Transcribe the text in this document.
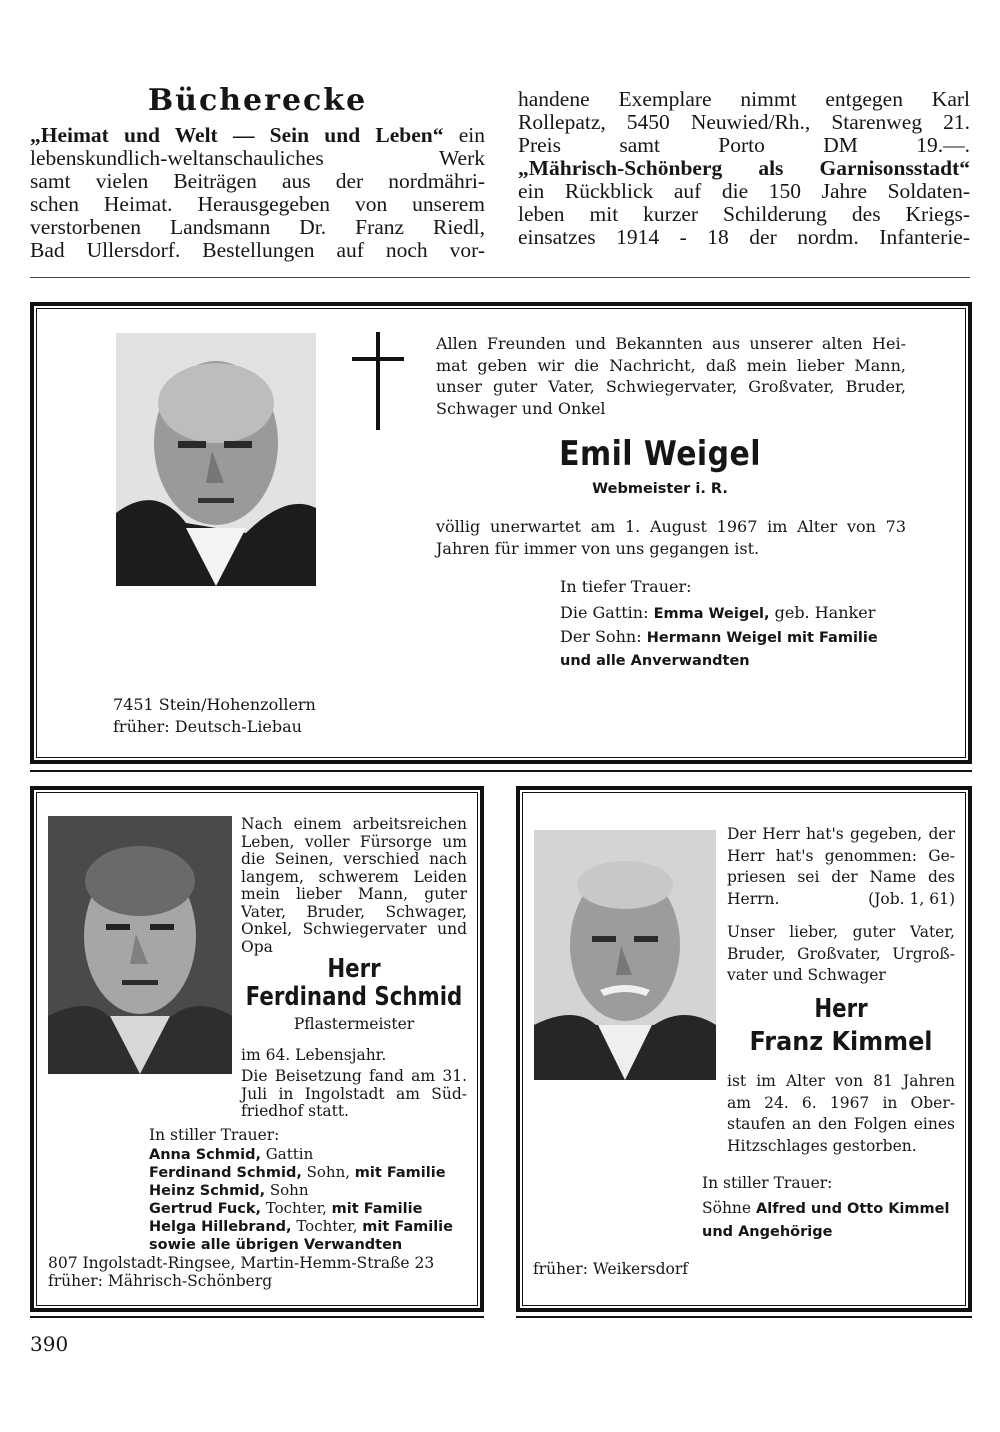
Bücherecke

„Heimat und Welt — Sein und Leben“ ein

lebenskundlich-weltanschauliches Werk

samt vielen Beiträgen aus der nordmähri-

schen Heimat. Herausgegeben von unserem

verstorbenen Landsmann Dr. Franz Riedl,

Bad Ullersdorf. Bestellungen auf noch vor-

handene Exemplare nimmt entgegen Karl

Rollepatz, 5450 Neuwied/Rh., Starenweg 21.

Preis samt Porto DM 19.—.

„Mährisch-Schönberg als Garnisonsstadt“

ein Rückblick auf die 150 Jahre Soldaten-

leben mit kurzer Schilderung des Kriegs-

einsatzes 1914 - 18 der nordm. Infanterie-

Allen Freunden und Bekannten aus unserer alten Hei-

mat geben wir die Nachricht, daß mein lieber Mann,

unser guter Vater, Schwiegervater, Großvater, Bruder,

Schwager und Onkel

Emil Weigel
Webmeister i. R.

völlig unerwartet am 1. August 1967 im Alter von 73

Jahren für immer von uns gegangen ist.

In tiefer Trauer:

Die Gattin: Emma Weigel, geb. Hanker

Der Sohn: Hermann Weigel mit Familie

und alle Anverwandten

7451 Stein/Hohenzollern

früher: Deutsch-Liebau

Nach einem arbeitsreichen

Leben, voller Fürsorge um

die Seinen, verschied nach

langem, schwerem Leiden

mein lieber Mann, guter

Vater, Bruder, Schwager,

Onkel, Schwiegervater und

Opa

Herr
Ferdinand Schmid
Pflastermeister
im 64. Lebensjahr.

Die Beisetzung fand am 31.

Juli in Ingolstadt am Süd-

friedhof statt.

In stiller Trauer:

Anna Schmid, Gattin

Ferdinand Schmid, Sohn, mit Familie

Heinz Schmid, Sohn

Gertrud Fuck, Tochter, mit Familie

Helga Hillebrand, Tochter, mit Familie

sowie alle übrigen Verwandten

807 Ingolstadt-Ringsee, Martin-Hemm-Straße 23

früher: Mährisch-Schönberg

Der Herr hat's gegeben, der

Herr hat's genommen: Ge-

priesen sei der Name des

Herrn.	(Job. 1, 61)

Unser lieber, guter Vater,

Bruder, Großvater, Urgroß-

vater und Schwager

Herr
Franz Kimmel

ist im Alter von 81 Jahren

am 24. 6. 1967 in Ober-

staufen an den Folgen eines

Hitzschlages gestorben.

In stiller Trauer:
Söhne Alfred und Otto Kimmel
und Angehörige
früher: Weikersdorf
390
